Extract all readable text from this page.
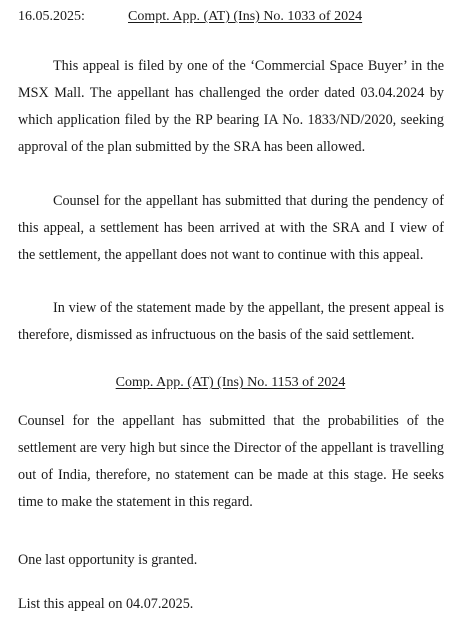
16.05.2025:	Compt. App. (AT) (Ins) No. 1033 of 2024

This appeal is filed by one of the ‘Commercial Space Buyer’ in the MSX Mall. The appellant has challenged the order dated 03.04.2024 by which application filed by the RP bearing IA No. 1833/ND/2020, seeking approval of the plan submitted by the SRA has been allowed.

Counsel for the appellant has submitted that during the pendency of this appeal, a settlement has been arrived at with the SRA and I view of the settlement, the appellant does not want to continue with this appeal.

In view of the statement made by the appellant, the present appeal is therefore, dismissed as infructuous on the basis of the said settlement.

Comp. App. (AT) (Ins) No. 1153 of 2024

Counsel for the appellant has submitted that the probabilities of the settlement are very high but since the Director of the appellant is travelling out of India, therefore, no statement can be made at this stage. He seeks time to make the statement in this regard.

One last opportunity is granted.

List this appeal on 04.07.2025.
